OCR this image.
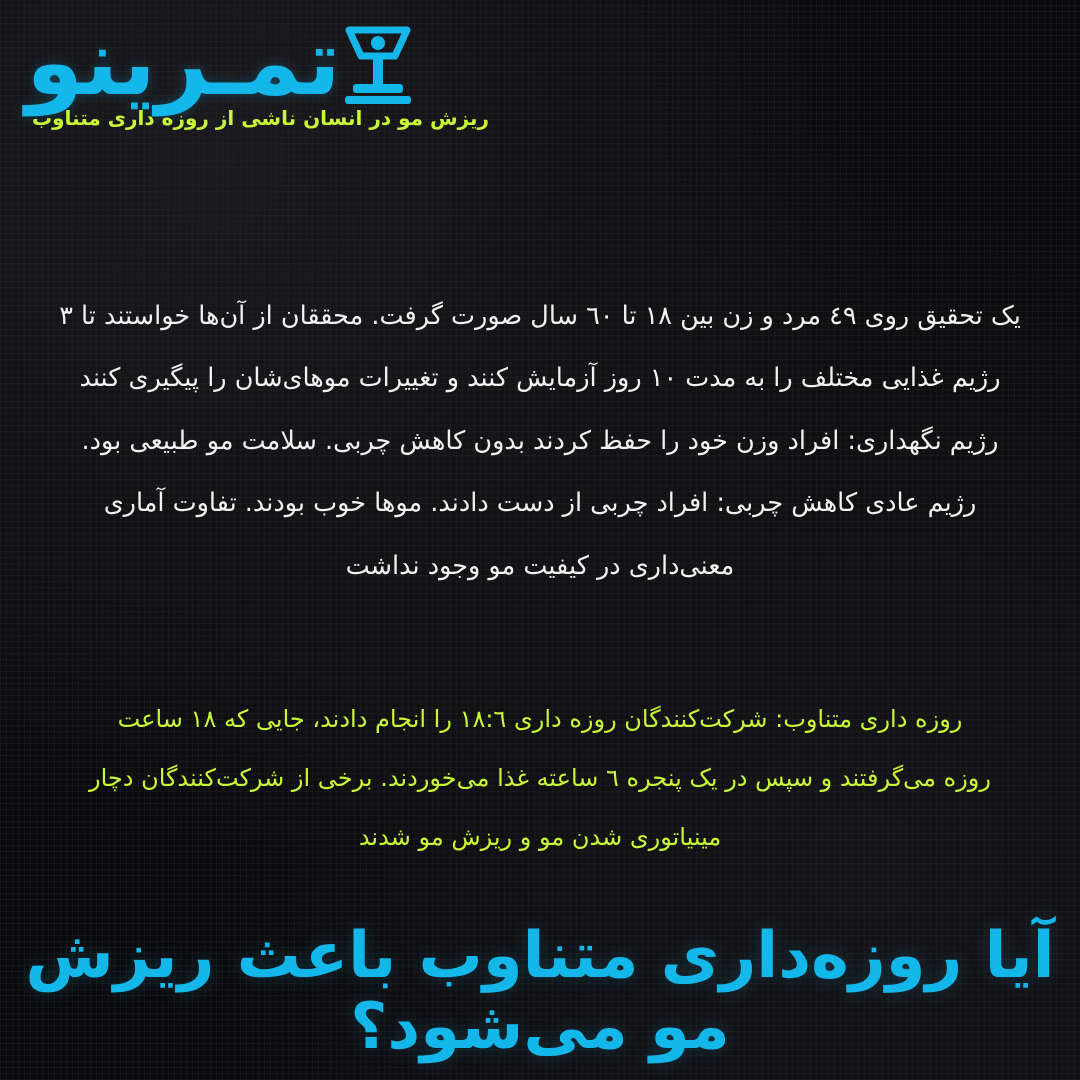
تمـرینو
ریزش مو در انسان ناشی از روزه داری متناوب
یک تحقیق روی ٤٩ مرد و زن بین ١٨ تا ٦٠ سال صورت گرفت. محققان از آن‌ها خواستند تا ٣
رژیم غذایی مختلف را به مدت ١٠ روز آزمایش کنند و تغییرات موهای‌شان را پیگیری کنند
رژیم نگهداری: افراد وزن خود را حفظ کردند بدون کاهش چربی. سلامت مو طبیعی بود.
رژیم عادی کاهش چربی: افراد چربی از دست دادند. موها خوب بودند. تفاوت آماری
معنی‌داری در کیفیت مو وجود نداشت
روزه داری متناوب: شرکت‌کنندگان روزه داری ١٨:٦ را انجام دادند، جایی که ١٨ ساعت
روزه می‌گرفتند و سپس در یک پنجره ٦ ساعته غذا می‌خوردند. برخی از شرکت‌کنندگان دچار
مینیاتوری شدن مو و ریزش مو شدند
آیا روزه‌داری متناوب باعث ریزش مو می‌شود؟
